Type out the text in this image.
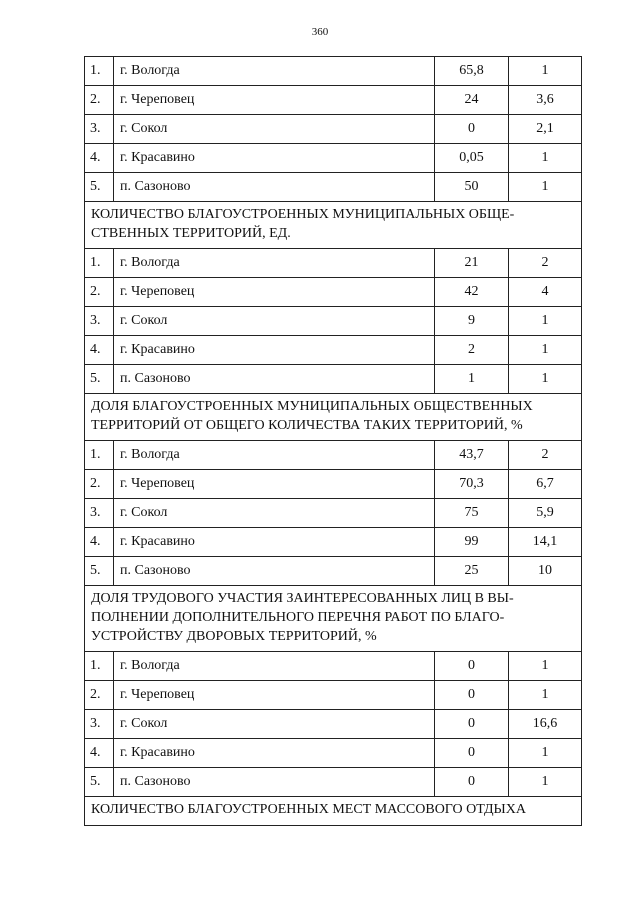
360
1.	г. Вологда	65,8	1
2.	г. Череповец	24	3,6
3.	г. Сокол	0	2,1
4.	г. Красавино	0,05	1
5.	п. Сазоново	50	1
КОЛИЧЕСТВО БЛАГОУСТРОЕННЫХ МУНИЦИПАЛЬНЫХ ОБЩЕ-СТВЕННЫХ ТЕРРИТОРИЙ, ЕД.			
1.	г. Вологда	21	2
2.	г. Череповец	42	4
3.	г. Сокол	9	1
4.	г. Красавино	2	1
5.	п. Сазоново	1	1
ДОЛЯ БЛАГОУСТРОЕННЫХ МУНИЦИПАЛЬНЫХ ОБЩЕСТВЕННЫХ ТЕРРИТОРИЙ ОТ ОБЩЕГО КОЛИЧЕСТВА ТАКИХ ТЕРРИТОРИЙ, %			
1.	г. Вологда	43,7	2
2.	г. Череповец	70,3	6,7
3.	г. Сокол	75	5,9
4.	г. Красавино	99	14,1
5.	п. Сазоново	25	10
ДОЛЯ ТРУДОВОГО УЧАСТИЯ ЗАИНТЕРЕСОВАННЫХ ЛИЦ В ВЫ-ПОЛНЕНИИ ДОПОЛНИТЕЛЬНОГО ПЕРЕЧНЯ РАБОТ ПО БЛАГО-УСТРОЙСТВУ ДВОРОВЫХ ТЕРРИТОРИЙ, %			
1.	г. Вологда	0	1
2.	г. Череповец	0	1
3.	г. Сокол	0	16,6
4.	г. Красавино	0	1
5.	п. Сазоново	0	1
КОЛИЧЕСТВО БЛАГОУСТРОЕННЫХ МЕСТ МАССОВОГО ОТДЫХА			
